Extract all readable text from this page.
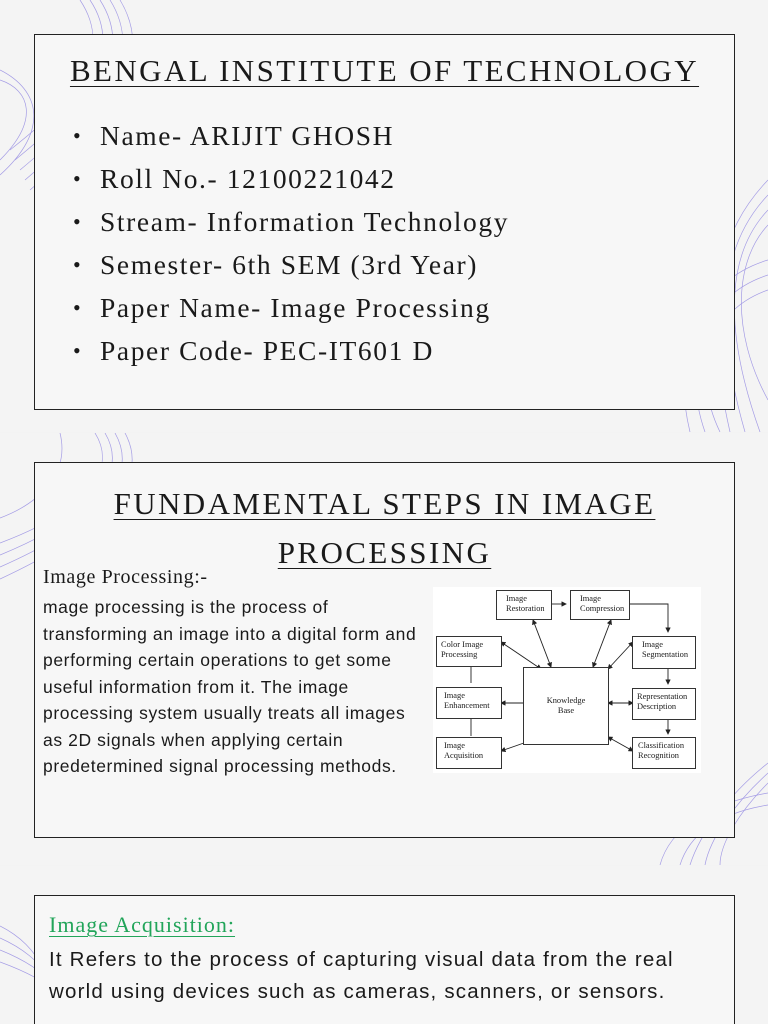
BENGAL INSTITUTE OF TECHNOLOGY
• Name- ARIJIT GHOSH
• Roll No.- 12100221042
• Stream- Information Technology
• Semester- 6th SEM (3rd Year)
• Paper Name- Image Processing
• Paper Code- PEC-IT601 D
FUNDAMENTAL STEPS IN IMAGE
PROCESSING
Image Processing:-
mage processing is the process of transforming an image into a digital form and performing certain operations to get some useful information from it. The image processing system usually treats all images as 2D signals when applying certain predetermined signal processing methods.
Image
Restoration
Image
Compression
Color Image
Processing
Image
Segmentation
Image
Enhancement
Knowledge
Base
Representation
Description
Image
Acquisition
Classification
Recognition
Image Acquisition:
It Refers to the process of capturing visual data from the real world using devices such as cameras, scanners, or sensors.
